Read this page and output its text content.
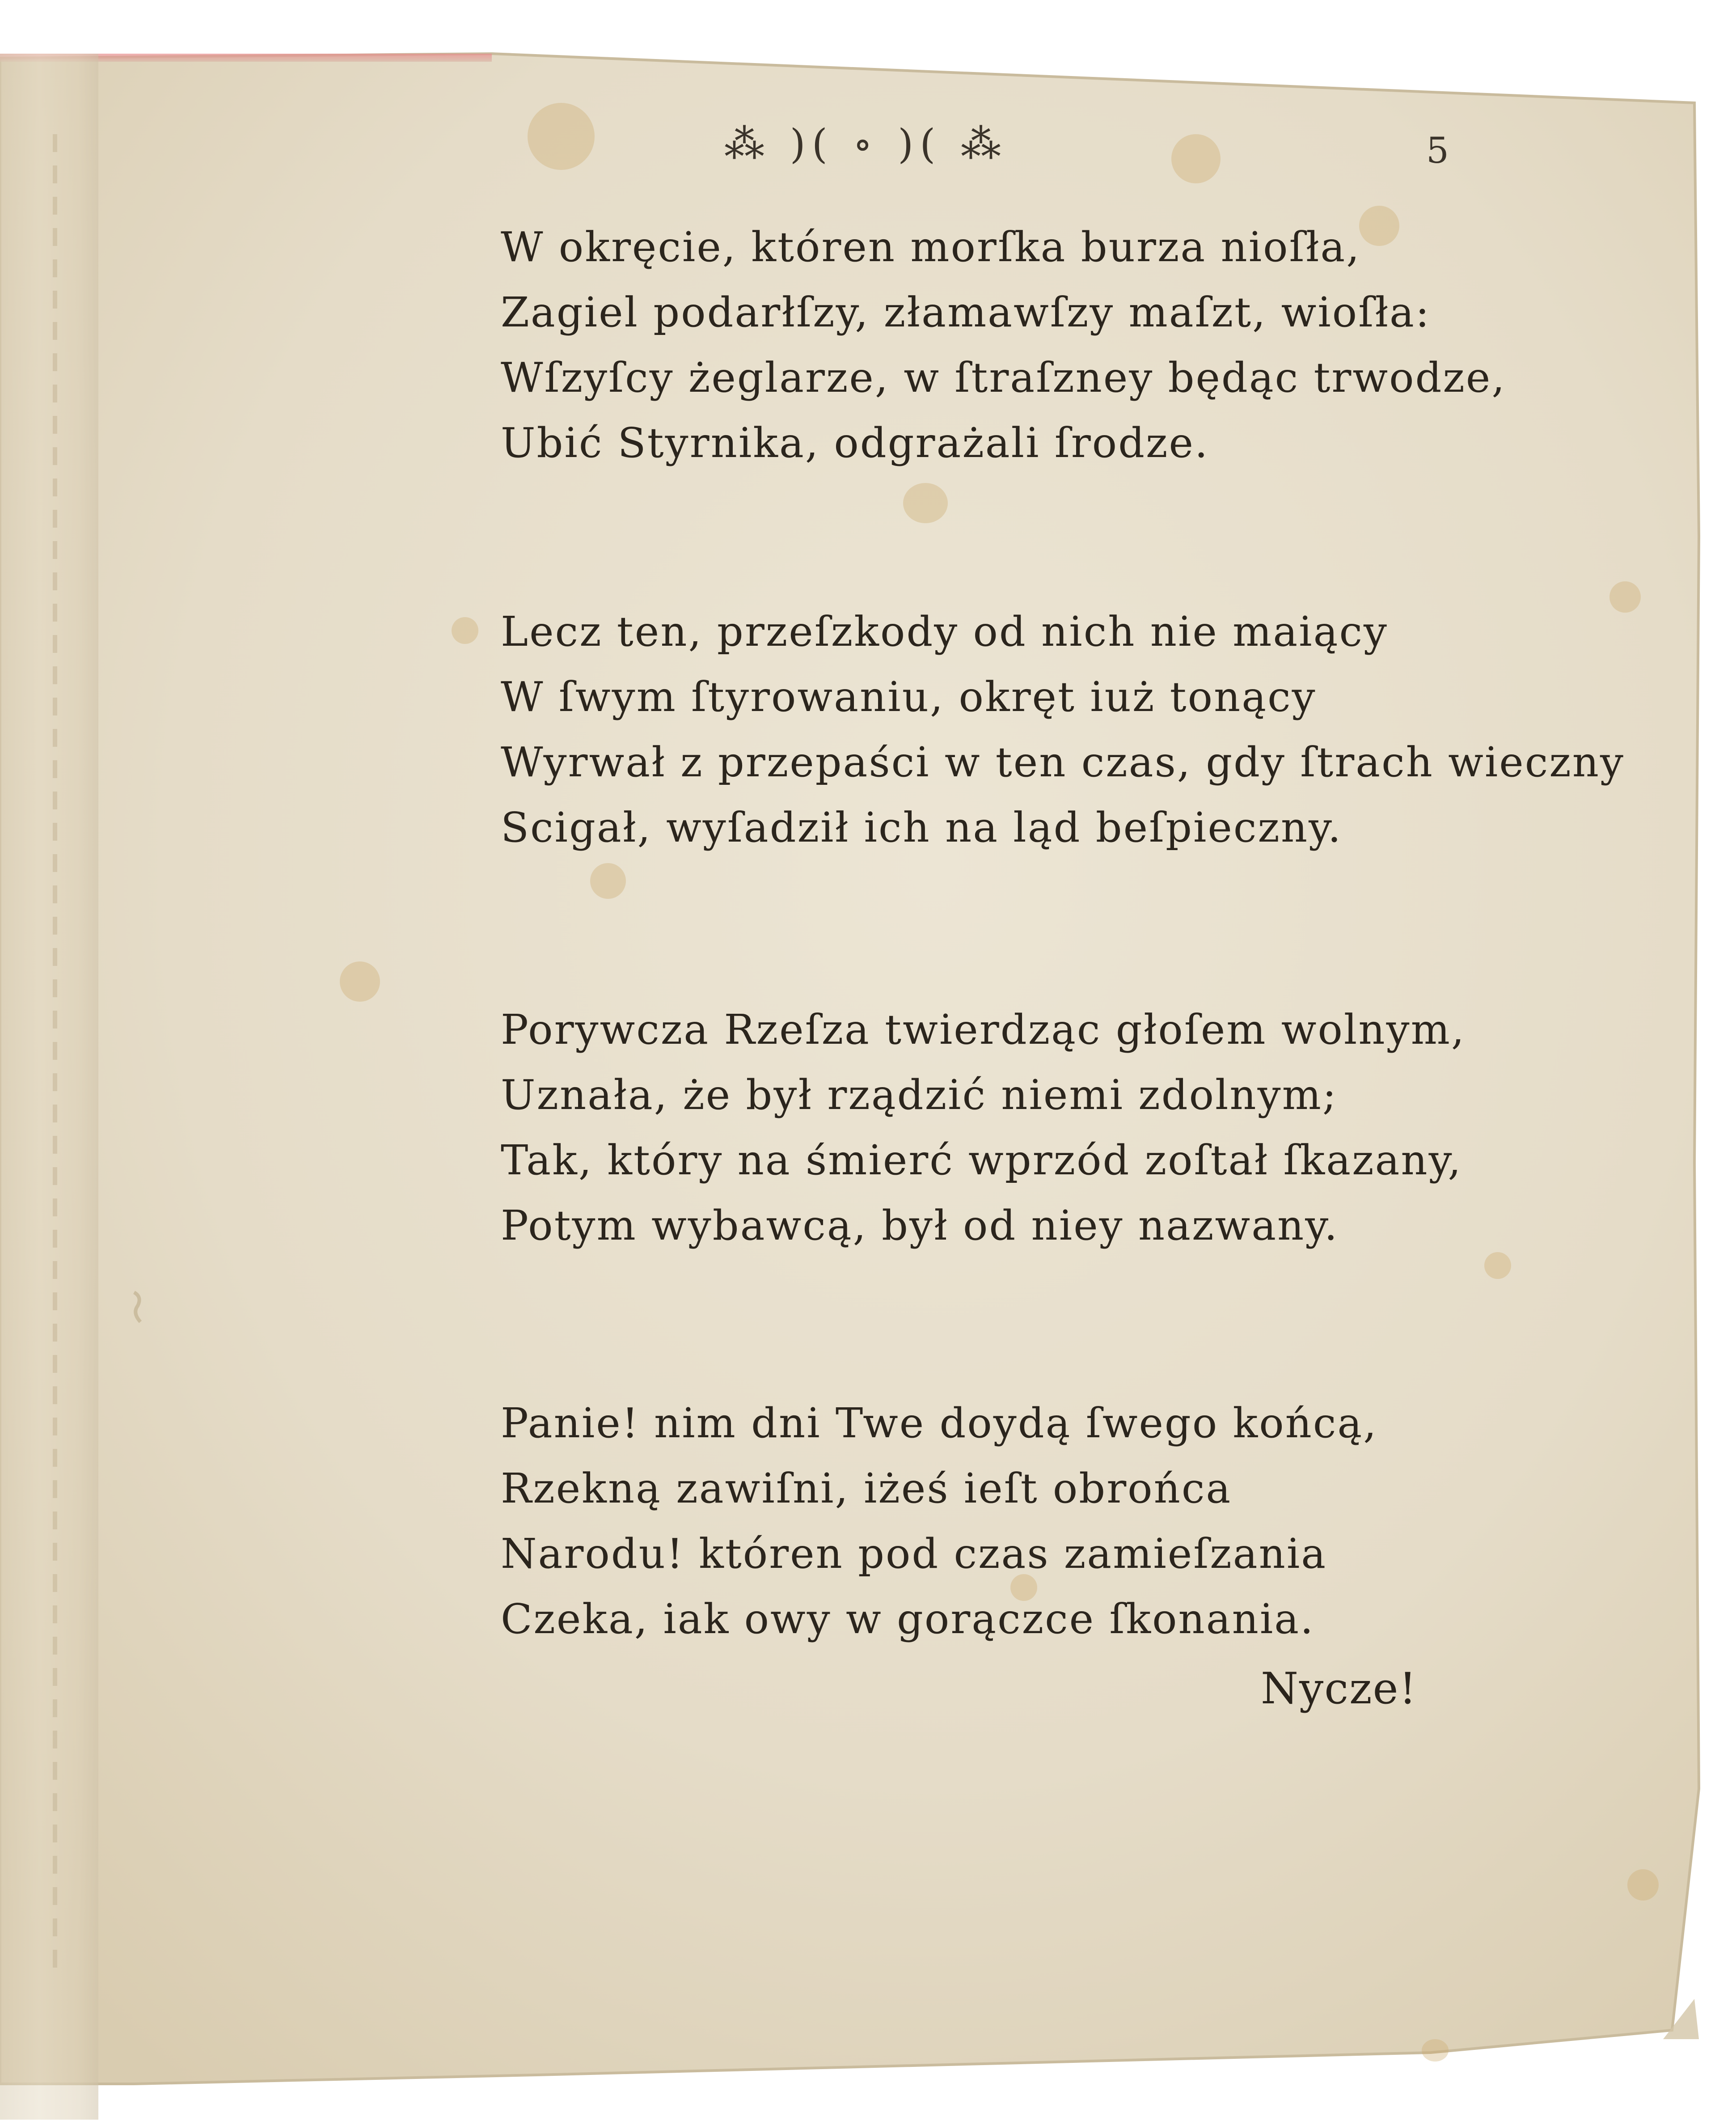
⁂ )( ∘ )( ⁂	5
W okręcie, któren morſka burza nioſła,
Zagiel podarłſzy, złamawſzy maſzt, wioſła:
Wſzyſcy żeglarze, w ſtraſzney będąc trwodze,
Ubić Styrnika, odgrażali ſrodze.
Lecz ten, przeſzkody od nich nie maiący
W ſwym ſtyrowaniu, okręt iuż tonący
Wyrwał z przepaści w ten czas, gdy ſtrach wieczny
Scigał, wyſadził ich na ląd beſpieczny.
Porywcza Rzeſza twierdząc głoſem wolnym,
Uznała, że był rządzić niemi zdolnym;
Tak, który na śmierć wprzód zoſtał ſkazany,
Potym wybawcą, był od niey nazwany.
Panie! nim dni Twe doydą ſwego końcą,
Rzekną zawiſni, iżeś ieſt obrońca
Narodu! któren pod czas zamieſzania
Czeka, iak owy w gorączce ſkonania.
Nycze!
